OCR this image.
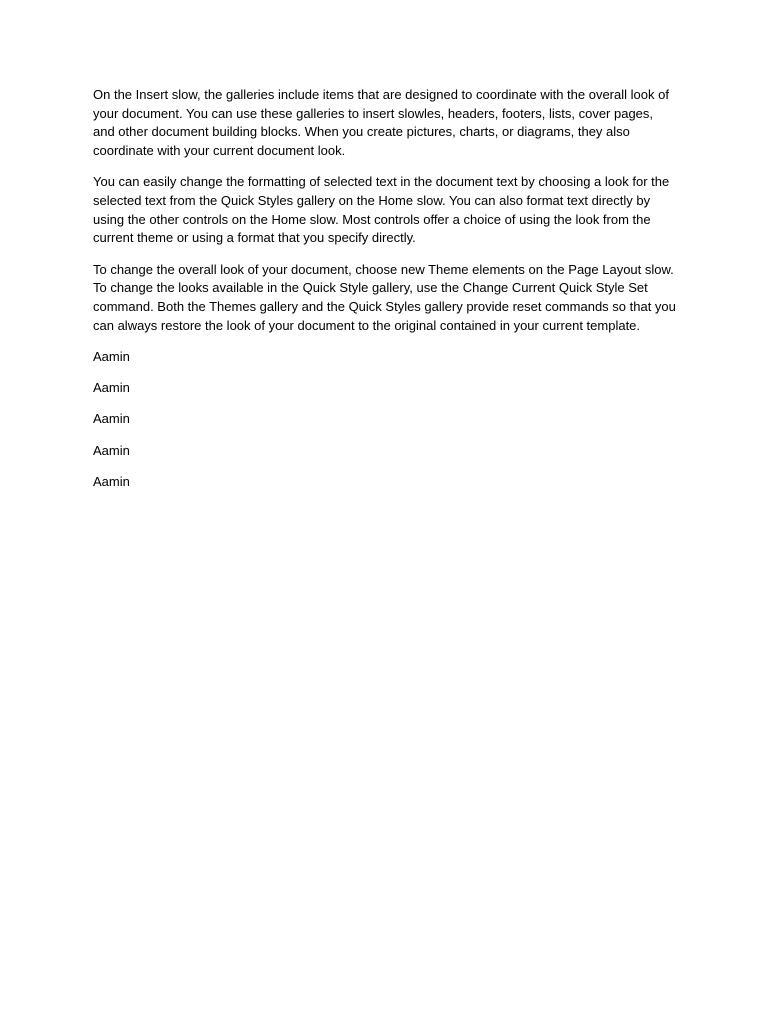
On the Insert slow, the galleries include items that are designed to coordinate with the overall look of your document. You can use these galleries to insert slowles, headers, footers, lists, cover pages, and other document building blocks. When you create pictures, charts, or diagrams, they also coordinate with your current document look.

You can easily change the formatting of selected text in the document text by choosing a look for the selected text from the Quick Styles gallery on the Home slow. You can also format text directly by using the other controls on the Home slow. Most controls offer a choice of using the look from the current theme or using a format that you specify directly.

To change the overall look of your document, choose new Theme elements on the Page Layout slow. To change the looks available in the Quick Style gallery, use the Change Current Quick Style Set command. Both the Themes gallery and the Quick Styles gallery provide reset commands so that you can always restore the look of your document to the original contained in your current template.

Aamin

Aamin

Aamin

Aamin

Aamin
